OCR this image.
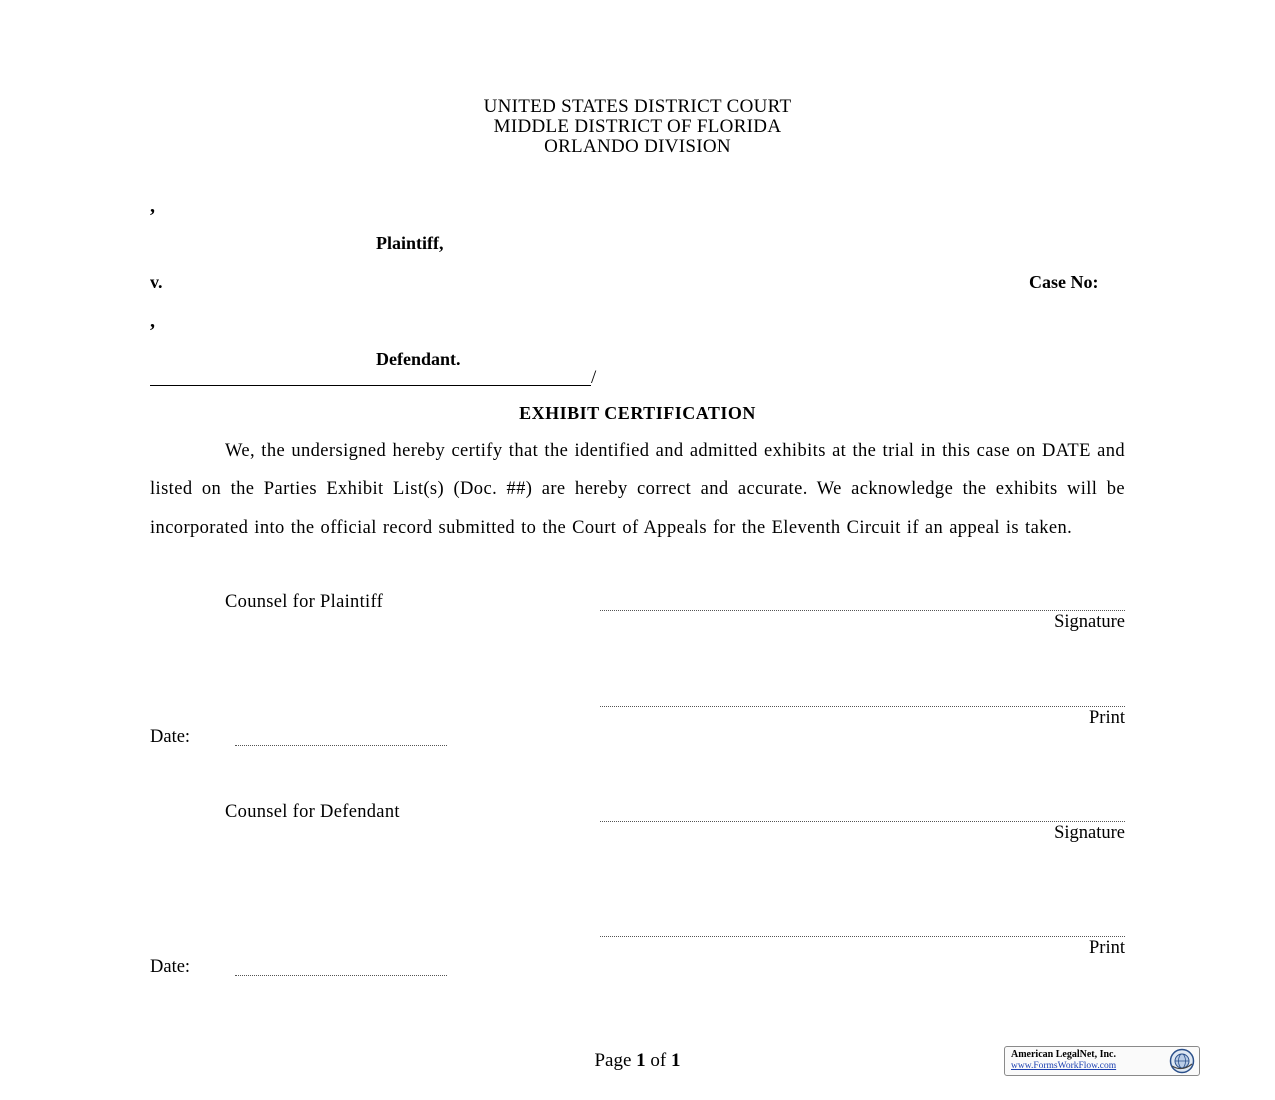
UNITED STATES DISTRICT COURT
MIDDLE DISTRICT OF FLORIDA
ORLANDO DIVISION
,
Plaintiff,
v.	Case No:
,
Defendant.
/
EXHIBIT CERTIFICATION
We, the undersigned hereby certify that the identified and admitted exhibits at the trial in this case on DATE and listed on the Parties Exhibit List(s) (Doc. ##) are hereby correct and accurate. We acknowledge the exhibits will be incorporated into the official record submitted to the Court of Appeals for the Eleventh Circuit if an appeal is taken.
Counsel for Plaintiff
Signature
Print
Date:
Counsel for Defendant
Signature
Print
Date:
Page 1 of 1	American LegalNet, Inc.
www.FormsWorkFlow.com
